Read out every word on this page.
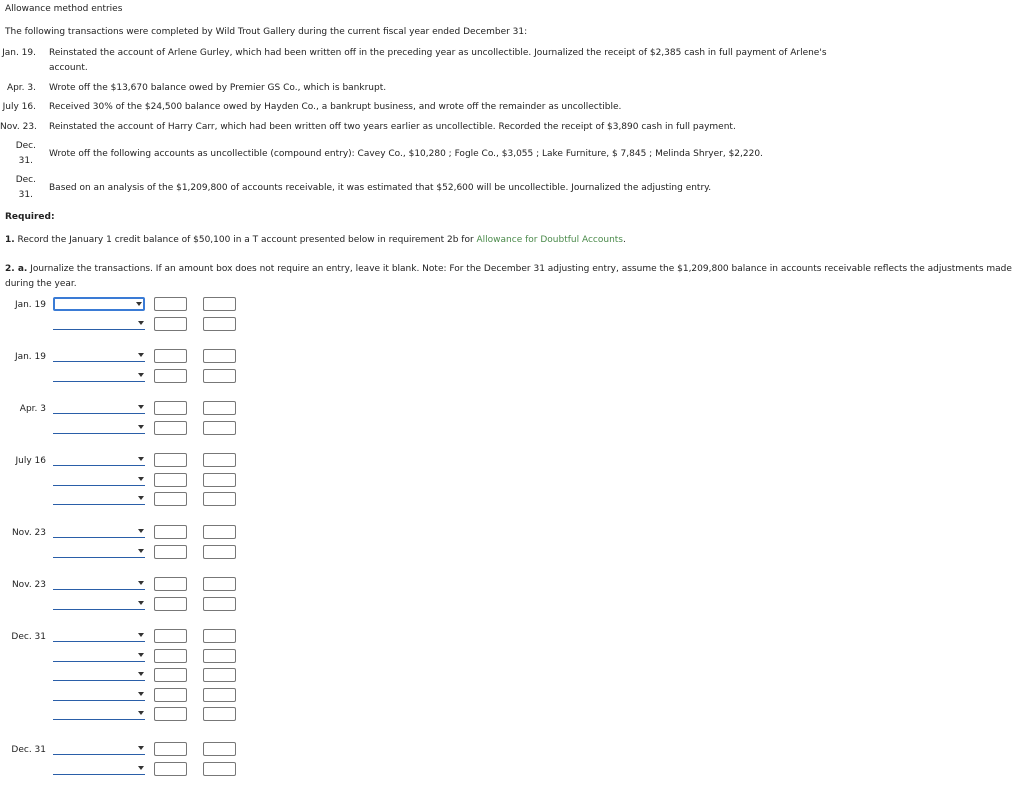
Allowance method entries
The following transactions were completed by Wild Trout Gallery during the current fiscal year ended December 31:
Jan. 19. Reinstated the account of Arlene Gurley, which had been written off in the preceding year as uncollectible. Journalized the receipt of $2,385 cash in full payment of Arlene's
account.
Apr. 3. Wrote off the $13,670 balance owed by Premier GS Co., which is bankrupt.
July 16. Received 30% of the $24,500 balance owed by Hayden Co., a bankrupt business, and wrote off the remainder as uncollectible.
Nov. 23. Reinstated the account of Harry Carr, which had been written off two years earlier as uncollectible. Recorded the receipt of $3,890 cash in full payment.
Dec.
31.
Wrote off the following accounts as uncollectible (compound entry): Cavey Co., $10,280 ; Fogle Co., $3,055 ; Lake Furniture, $ 7,845 ; Melinda Shryer, $2,220.
Dec.
31.
Based on an analysis of the $1,209,800 of accounts receivable, it was estimated that $52,600 will be uncollectible. Journalized the adjusting entry.
Required:
1. Record the January 1 credit balance of $50,100 in a T account presented below in requirement 2b for Allowance for Doubtful Accounts.
2. a. Journalize the transactions. If an amount box does not require an entry, leave it blank. Note: For the December 31 adjusting entry, assume the $1,209,800 balance in accounts receivable reflects the adjustments made during the year.
Jan. 19
Jan. 19
Apr. 3
July 16
Nov. 23
Nov. 23
Dec. 31
Dec. 31
